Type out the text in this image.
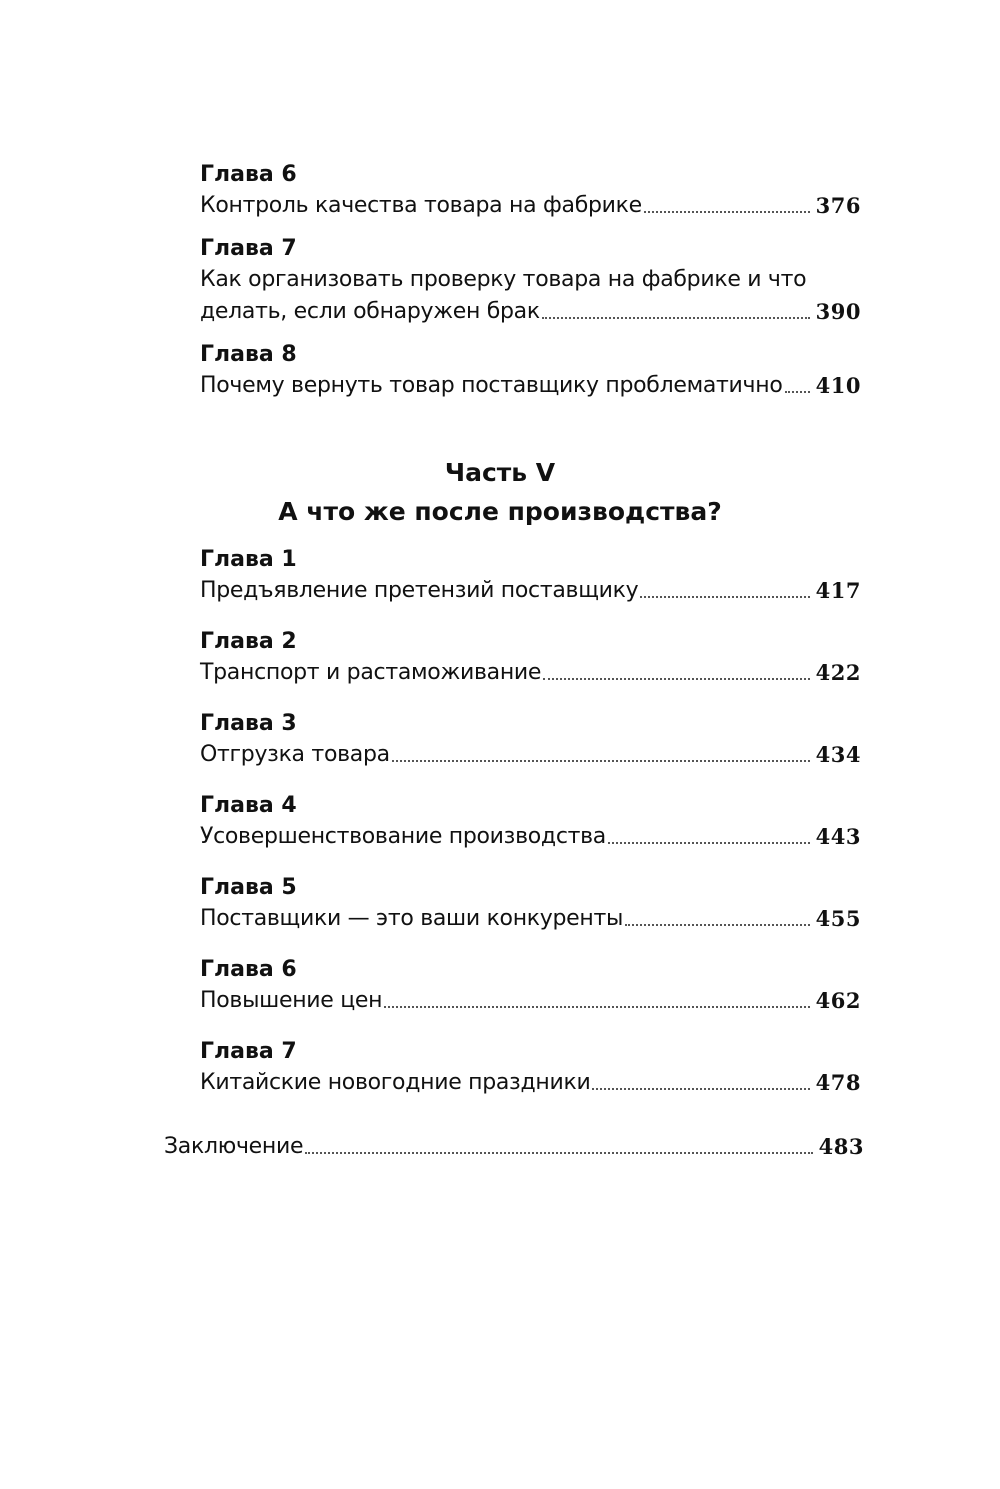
Глава 6
Контроль качества товара на фабрике	376
Глава 7
Как организовать проверку товара на фабрике и что
делать, если обнаружен брак	390
Глава 8
Почему вернуть товар поставщику проблематично 410
Часть V
А что же после производства?
Глава 1
Предъявление претензий поставщику	417
Глава 2
Транспорт и растаможивание	422
Глава 3
Отгрузка товара	434
Глава 4
Усовершенствование производства	443
Глава 5
Поставщики — это ваши конкуренты	455
Глава 6
Повышение цен	462
Глава 7
Китайские новогодние праздники	478
Заключение	483
